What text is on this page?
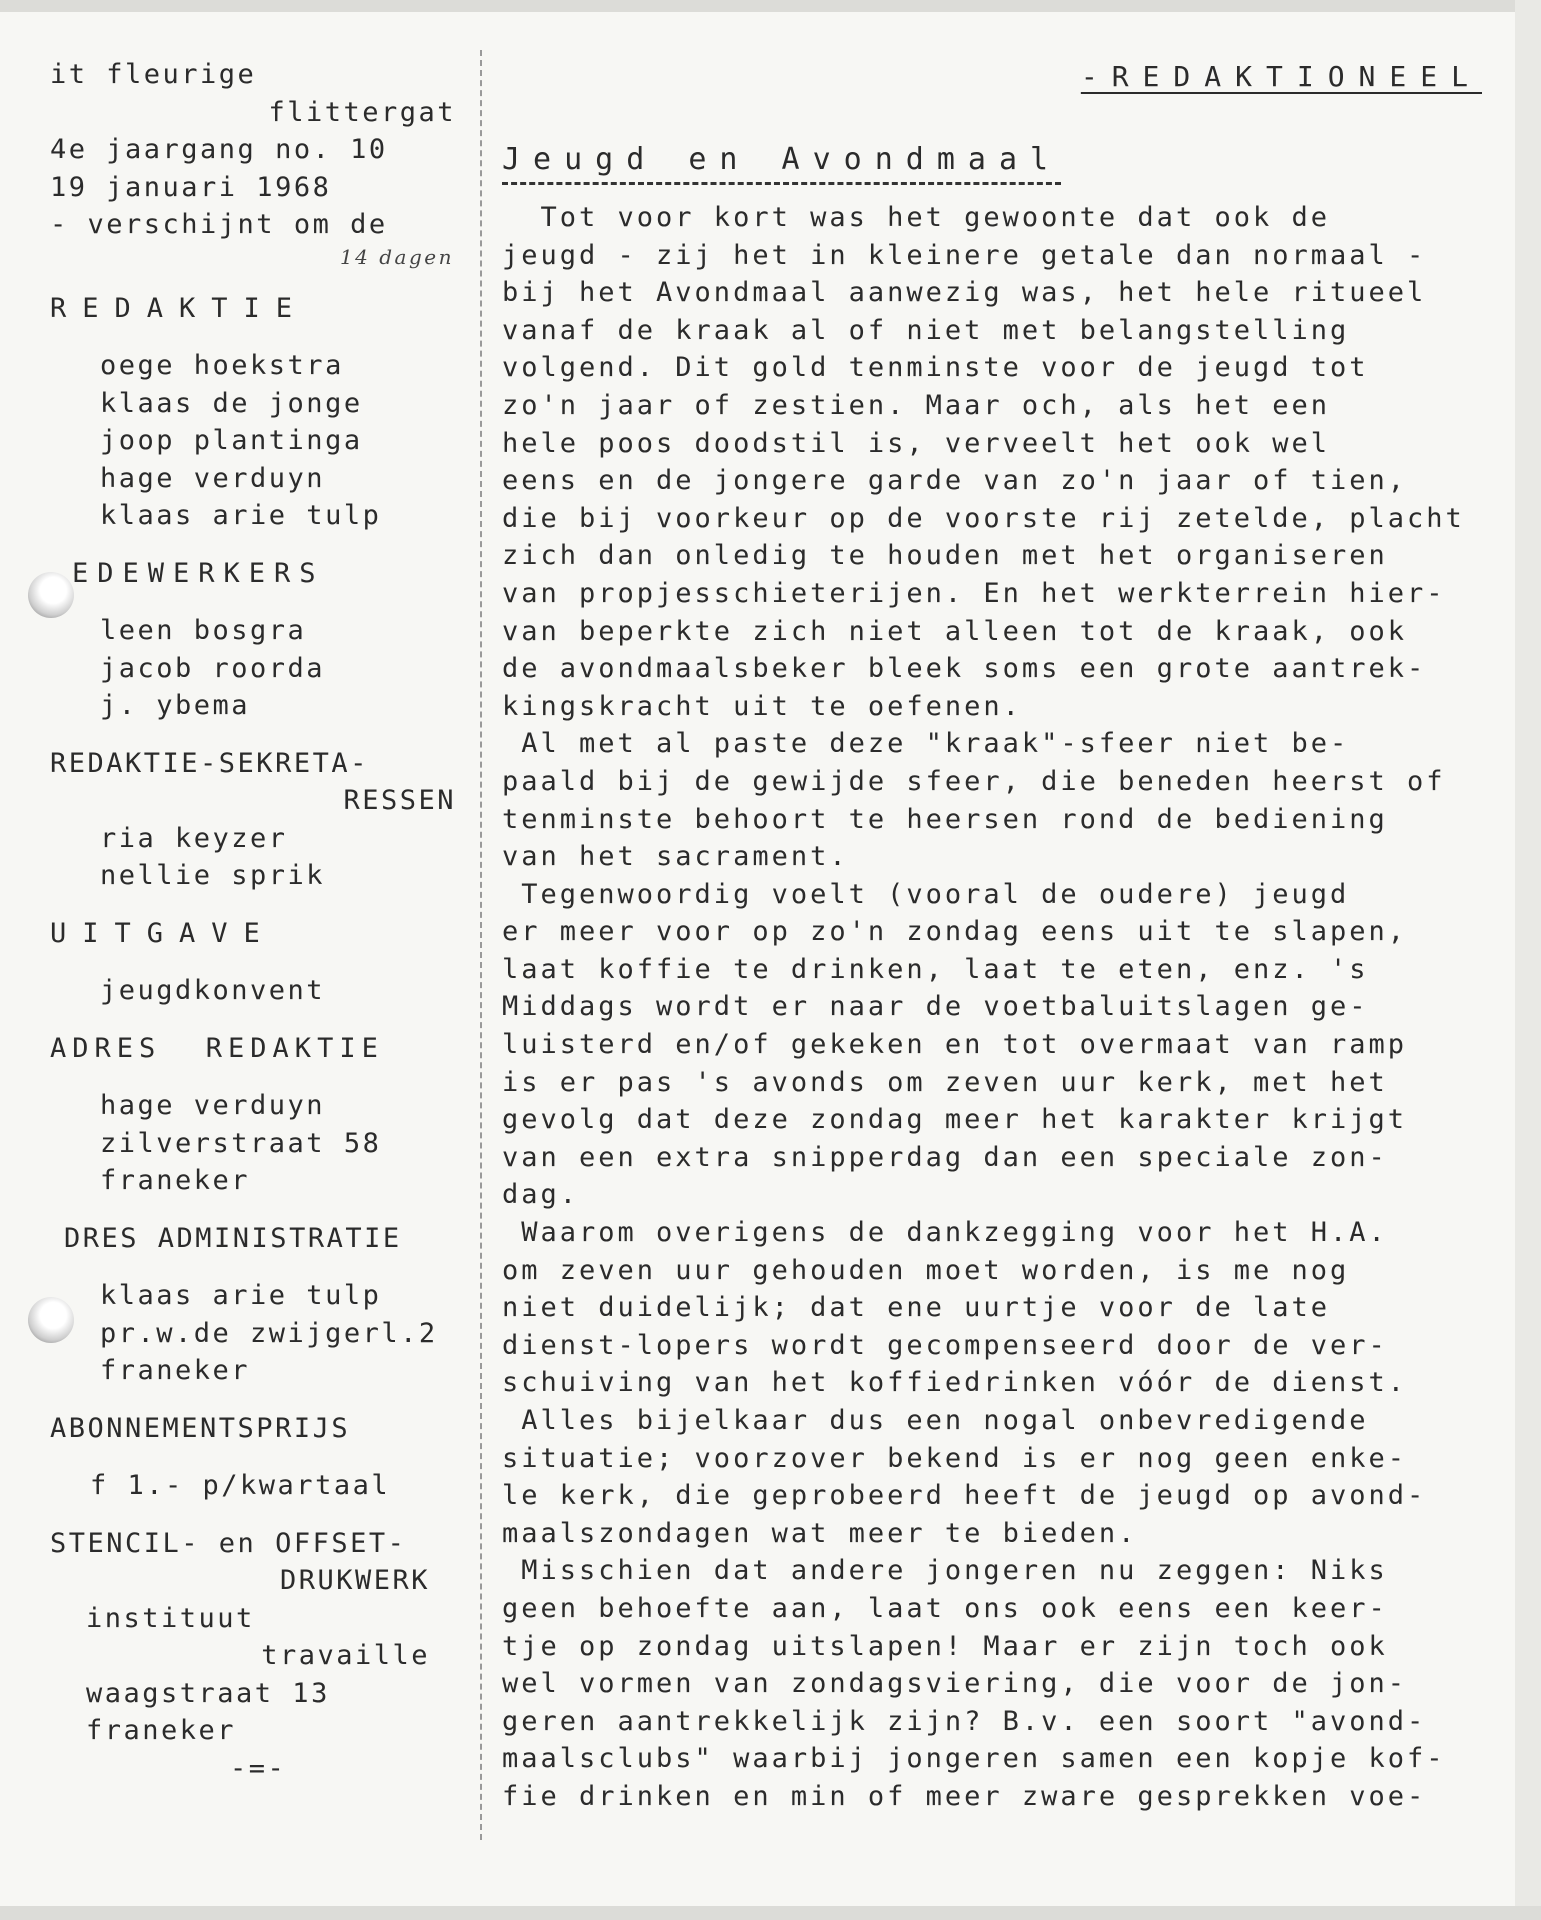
it fleurige
flittergat
4e jaargang no. 10
19 januari 1968
- verschijnt om de
14 dagen
REDAKTIE
oege hoekstra
klaas de jonge
joop plantinga
hage verduyn
klaas arie tulp
EDEWERKERS
leen bosgra
jacob roorda
j. ybema
REDAKTIE-SEKRETA-
RESSEN
ria keyzer
nellie sprik
UITGAVE
jeugdkonvent
ADRES  REDAKTIE
hage verduyn
zilverstraat 58
franeker
DRES ADMINISTRATIE
klaas arie tulp
pr.w.de zwijgerl.2
franeker
ABONNEMENTSPRIJS
f 1.- p/kwartaal
STENCIL- en OFFSET-
DRUKWERK
instituut
travaille
waagstraat 13
franeker
-=-
-REDAKTIONEEL
Jeugd en Avondmaal
Tot voor kort was het gewoonte dat ook de
jeugd - zij het in kleinere getale dan normaal -
bij het Avondmaal aanwezig was, het hele ritueel
vanaf de kraak al of niet met belangstelling
volgend. Dit gold tenminste voor de jeugd tot
zo'n jaar of zestien. Maar och, als het een
hele poos doodstil is, verveelt het ook wel
eens en de jongere garde van zo'n jaar of tien,
die bij voorkeur op de voorste rij zetelde, placht
zich dan onledig te houden met het organiseren
van propjesschieterijen. En het werkterrein hier-
van beperkte zich niet alleen tot de kraak, ook
de avondmaalsbeker bleek soms een grote aantrek-
kingskracht uit te oefenen.
Al met al paste deze "kraak"-sfeer niet be-
paald bij de gewijde sfeer, die beneden heerst of
tenminste behoort te heersen rond de bediening
van het sacrament.
Tegenwoordig voelt (vooral de oudere) jeugd
er meer voor op zo'n zondag eens uit te slapen,
laat koffie te drinken, laat te eten, enz. 's
Middags wordt er naar de voetbaluitslagen ge-
luisterd en/of gekeken en tot overmaat van ramp
is er pas 's avonds om zeven uur kerk, met het
gevolg dat deze zondag meer het karakter krijgt
van een extra snipperdag dan een speciale zon-
dag.
Waarom overigens de dankzegging voor het H.A.
om zeven uur gehouden moet worden, is me nog
niet duidelijk; dat ene uurtje voor de late
dienst-lopers wordt gecompenseerd door de ver-
schuiving van het koffiedrinken vóór de dienst.
Alles bijelkaar dus een nogal onbevredigende
situatie; voorzover bekend is er nog geen enke-
le kerk, die geprobeerd heeft de jeugd op avond-
maalszondagen wat meer te bieden.
Misschien dat andere jongeren nu zeggen: Niks
geen behoefte aan, laat ons ook eens een keer-
tje op zondag uitslapen! Maar er zijn toch ook
wel vormen van zondagsviering, die voor de jon-
geren aantrekkelijk zijn? B.v. een soort "avond-
maalsclubs" waarbij jongeren samen een kopje kof-
fie drinken en min of meer zware gesprekken voe-
